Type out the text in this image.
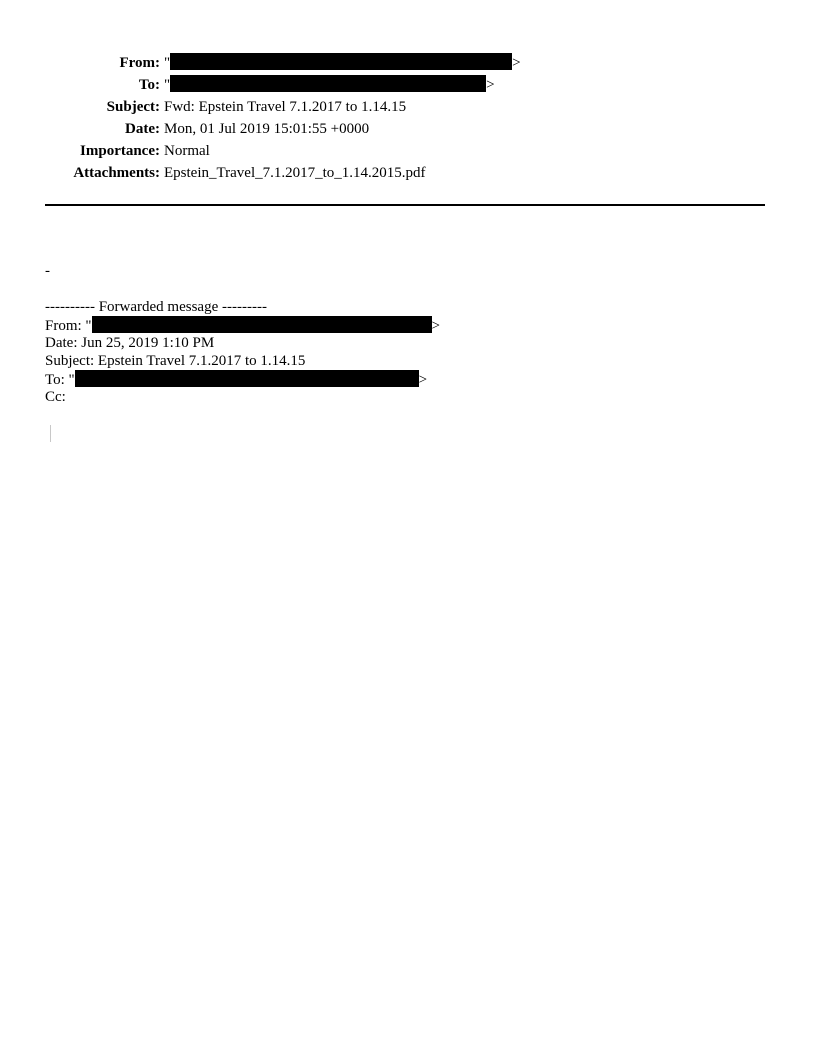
From: "	>
To: "	>
Subject: Fwd: Epstein Travel 7.1.2017 to 1.14.15
Date: Mon, 01 Jul 2019 15:01:55 +0000
Importance: Normal
Attachments: Epstein_Travel_7.1.2017_to_1.14.2015.pdf
-
---------- Forwarded message ---------
From: "	>
Date: Jun 25, 2019 1:10 PM
Subject: Epstein Travel 7.1.2017 to 1.14.15
To: "	>
Cc:
